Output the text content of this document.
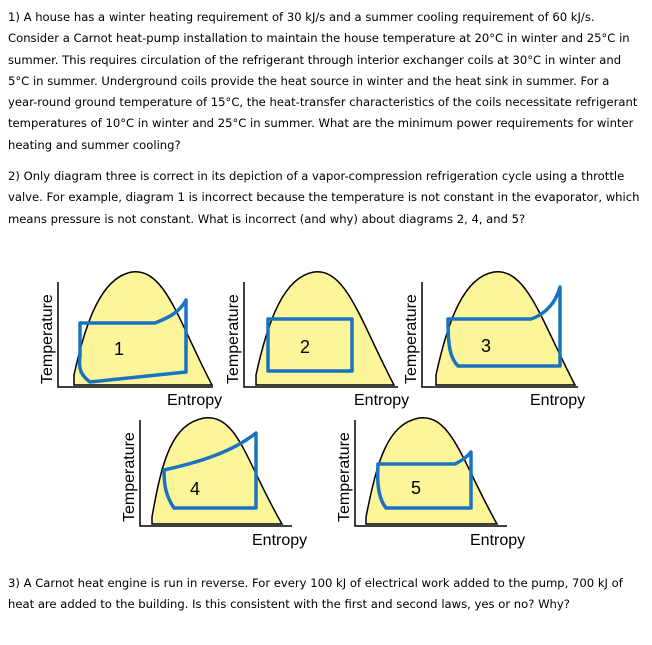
1) A house has a winter heating requirement of 30 kJ/s and a summer cooling requirement of 60 kJ/s. Consider a Carnot heat-pump installation to maintain the house temperature at 20°C in winter and 25°C in summer. This requires circulation of the refrigerant through interior exchanger coils at 30°C in winter and 5°C in summer. Underground coils provide the heat source in winter and the heat sink in summer. For a year-round ground temperature of 15°C, the heat-transfer characteristics of the coils necessitate refrigerant temperatures of 10°C in winter and 25°C in summer. What are the minimum power requirements for winter heating and summer cooling?

2) Only diagram three is correct in its depiction of a vapor-compression refrigeration cycle using a throttle valve. For example, diagram 1 is incorrect because the temperature is not constant in the evaporator, which means pressure is not constant. What is incorrect (and why) about diagrams 2, 4, and 5?

Temperature
Entropy
1	Temperature
Entropy
2	Temperature
Entropy
3
Temperature
Entropy
4	Temperature
Entropy
5

3) A Carnot heat engine is run in reverse. For every 100 kJ of electrical work added to the pump, 700 kJ of heat are added to the building. Is this consistent with the first and second laws, yes or no? Why?
